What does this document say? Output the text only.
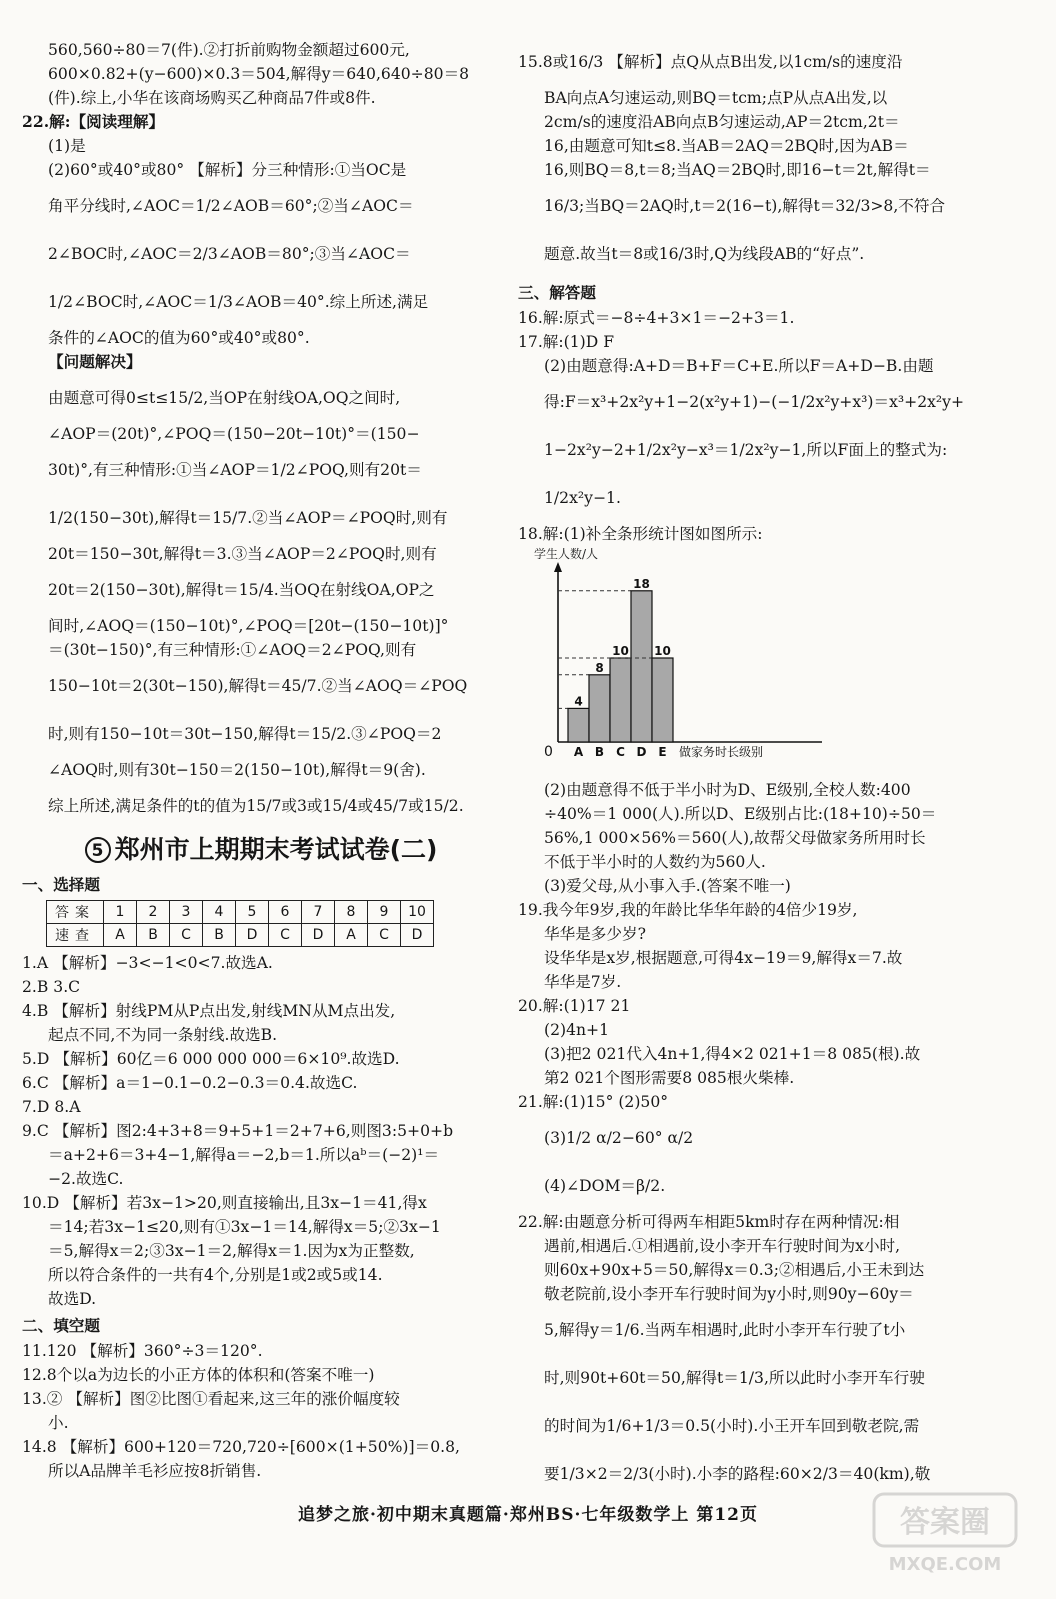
560,560÷80＝7(件).②打折前购物金额超过600元,
600×0.82+(y−600)×0.3＝504,解得y＝640,640÷80＝8
(件).综上,小华在该商场购买乙种商品7件或8件.
22.解:【阅读理解】
(1)是
(2)60°或40°或80° 【解析】分三种情形:①当OC是
角平分线时,∠AOC＝1/2∠AOB＝60°;②当∠AOC＝
2∠BOC时,∠AOC＝2/3∠AOB＝80°;③当∠AOC＝
1/2∠BOC时,∠AOC＝1/3∠AOB＝40°.综上所述,满足
条件的∠AOC的值为60°或40°或80°.
【问题解决】
由题意可得0≤t≤15/2,当OP在射线OA,OQ之间时,
∠AOP＝(20t)°,∠POQ＝(150−20t−10t)°＝(150−
30t)°,有三种情形:①当∠AOP＝1/2∠POQ,则有20t＝
1/2(150−30t),解得t＝15/7.②当∠AOP＝∠POQ时,则有
20t＝150−30t,解得t＝3.③当∠AOP＝2∠POQ时,则有
20t＝2(150−30t),解得t＝15/4.当OQ在射线OA,OP之
间时,∠AOQ＝(150−10t)°,∠POQ＝[20t−(150−10t)]°
＝(30t−150)°,有三种情形:①∠AOQ＝2∠POQ,则有
150−10t＝2(30t−150),解得t＝45/7.②当∠AOQ＝∠POQ
时,则有150−10t＝30t−150,解得t＝15/2.③∠POQ＝2
∠AOQ时,则有30t−150＝2(150−10t),解得t＝9(舍).
综上所述,满足条件的t的值为15/7或3或15/4或45/7或15/2.
5 郑州市上期期末考试试卷(二)
一、选择题
答案	1	2	3	4	5	6	7	8	9	10
速查	A	B	C	B	D	C	D	A	C	D
1.A 【解析】−3<−1<0<7.故选A.
2.B 3.C
4.B 【解析】射线PM从P点出发,射线MN从M点出发,
起点不同,不为同一条射线.故选B.
5.D 【解析】60亿＝6 000 000 000＝6×10⁹.故选D.
6.C 【解析】a＝1−0.1−0.2−0.3＝0.4.故选C.
7.D 8.A
9.C 【解析】图2:4+3+8＝9+5+1＝2+7+6,则图3:5+0+b
＝a+2+6＝3+4−1,解得a＝−2,b＝1.所以aᵇ＝(−2)¹＝
−2.故选C.
10.D 【解析】若3x−1>20,则直接输出,且3x−1＝41,得x
＝14;若3x−1≤20,则有①3x−1＝14,解得x＝5;②3x−1
＝5,解得x＝2;③3x−1＝2,解得x＝1.因为x为正整数,
所以符合条件的一共有4个,分别是1或2或5或14.
故选D.
二、填空题
11.120 【解析】360°÷3＝120°.
12.8个以a为边长的小正方体的体积和(答案不唯一)
13.② 【解析】图②比图①看起来,这三年的涨价幅度较
小.
14.8 【解析】600+120＝720,720÷[600×(1+50%)]＝0.8,
所以A品牌羊毛衫应按8折销售.
15.8或16/3 【解析】点Q从点B出发,以1cm/s的速度沿
BA向点A匀速运动,则BQ＝tcm;点P从点A出发,以
2cm/s的速度沿AB向点B匀速运动,AP＝2tcm,2t＝
16,由题意可知t≤8.当AB＝2AQ＝2BQ时,因为AB＝
16,则BQ＝8,t＝8;当AQ＝2BQ时,即16−t＝2t,解得t＝
16/3;当BQ＝2AQ时,t＝2(16−t),解得t＝32/3>8,不符合
题意.故当t＝8或16/3时,Q为线段AB的“好点”.
三、解答题
16.解:原式＝−8÷4+3×1＝−2+3＝1.
17.解:(1)D F
(2)由题意得:A+D＝B+F＝C+E.所以F＝A+D−B.由题
得:F＝x³+2x²y+1−2(x²y+1)−(−1/2x²y+x³)＝x³+2x²y+
1−2x²y−2+1/2x²y−x³＝1/2x²y−1,所以F面上的整式为:
1/2x²y−1.
18.解:(1)补全条形统计图如图所示:
学生人数/人
0
4
A
8
B
10
C
18
D
10
E 做家务时长级别
(2)由题意得不低于半小时为D、E级别,全校人数:400
÷40%＝1 000(人).所以D、E级别占比:(18+10)÷50＝
56%,1 000×56%＝560(人),故帮父母做家务所用时长
不低于半小时的人数约为560人.
(3)爱父母,从小事入手.(答案不唯一)
19.我今年9岁,我的年龄比华华年龄的4倍少19岁,
华华是多少岁?
设华华是x岁,根据题意,可得4x−19＝9,解得x＝7.故
华华是7岁.
20.解:(1)17 21
(2)4n+1
(3)把2 021代入4n+1,得4×2 021+1＝8 085(根).故
第2 021个图形需要8 085根火柴棒.
21.解:(1)15° (2)50°
(3)1/2 α/2−60° α/2
(4)∠DOM＝β/2.
22.解:由题意分析可得两车相距5km时存在两种情况:相
遇前,相遇后.①相遇前,设小李开车行驶时间为x小时,
则60x+90x+5＝50,解得x＝0.3;②相遇后,小王未到达
敬老院前,设小李开车行驶时间为y小时,则90y−60y＝
5,解得y＝1/6.当两车相遇时,此时小李开车行驶了t小
时,则90t+60t＝50,解得t＝1/3,所以此时小李开车行驶
的时间为1/6+1/3＝0.5(小时).小王开车回到敬老院,需
要1/3×2＝2/3(小时).小李的路程:60×2/3＝40(km),敬
追梦之旅·初中期末真题篇·郑州BS·七年级数学上 第12页	答案圈
MXQE.COM
